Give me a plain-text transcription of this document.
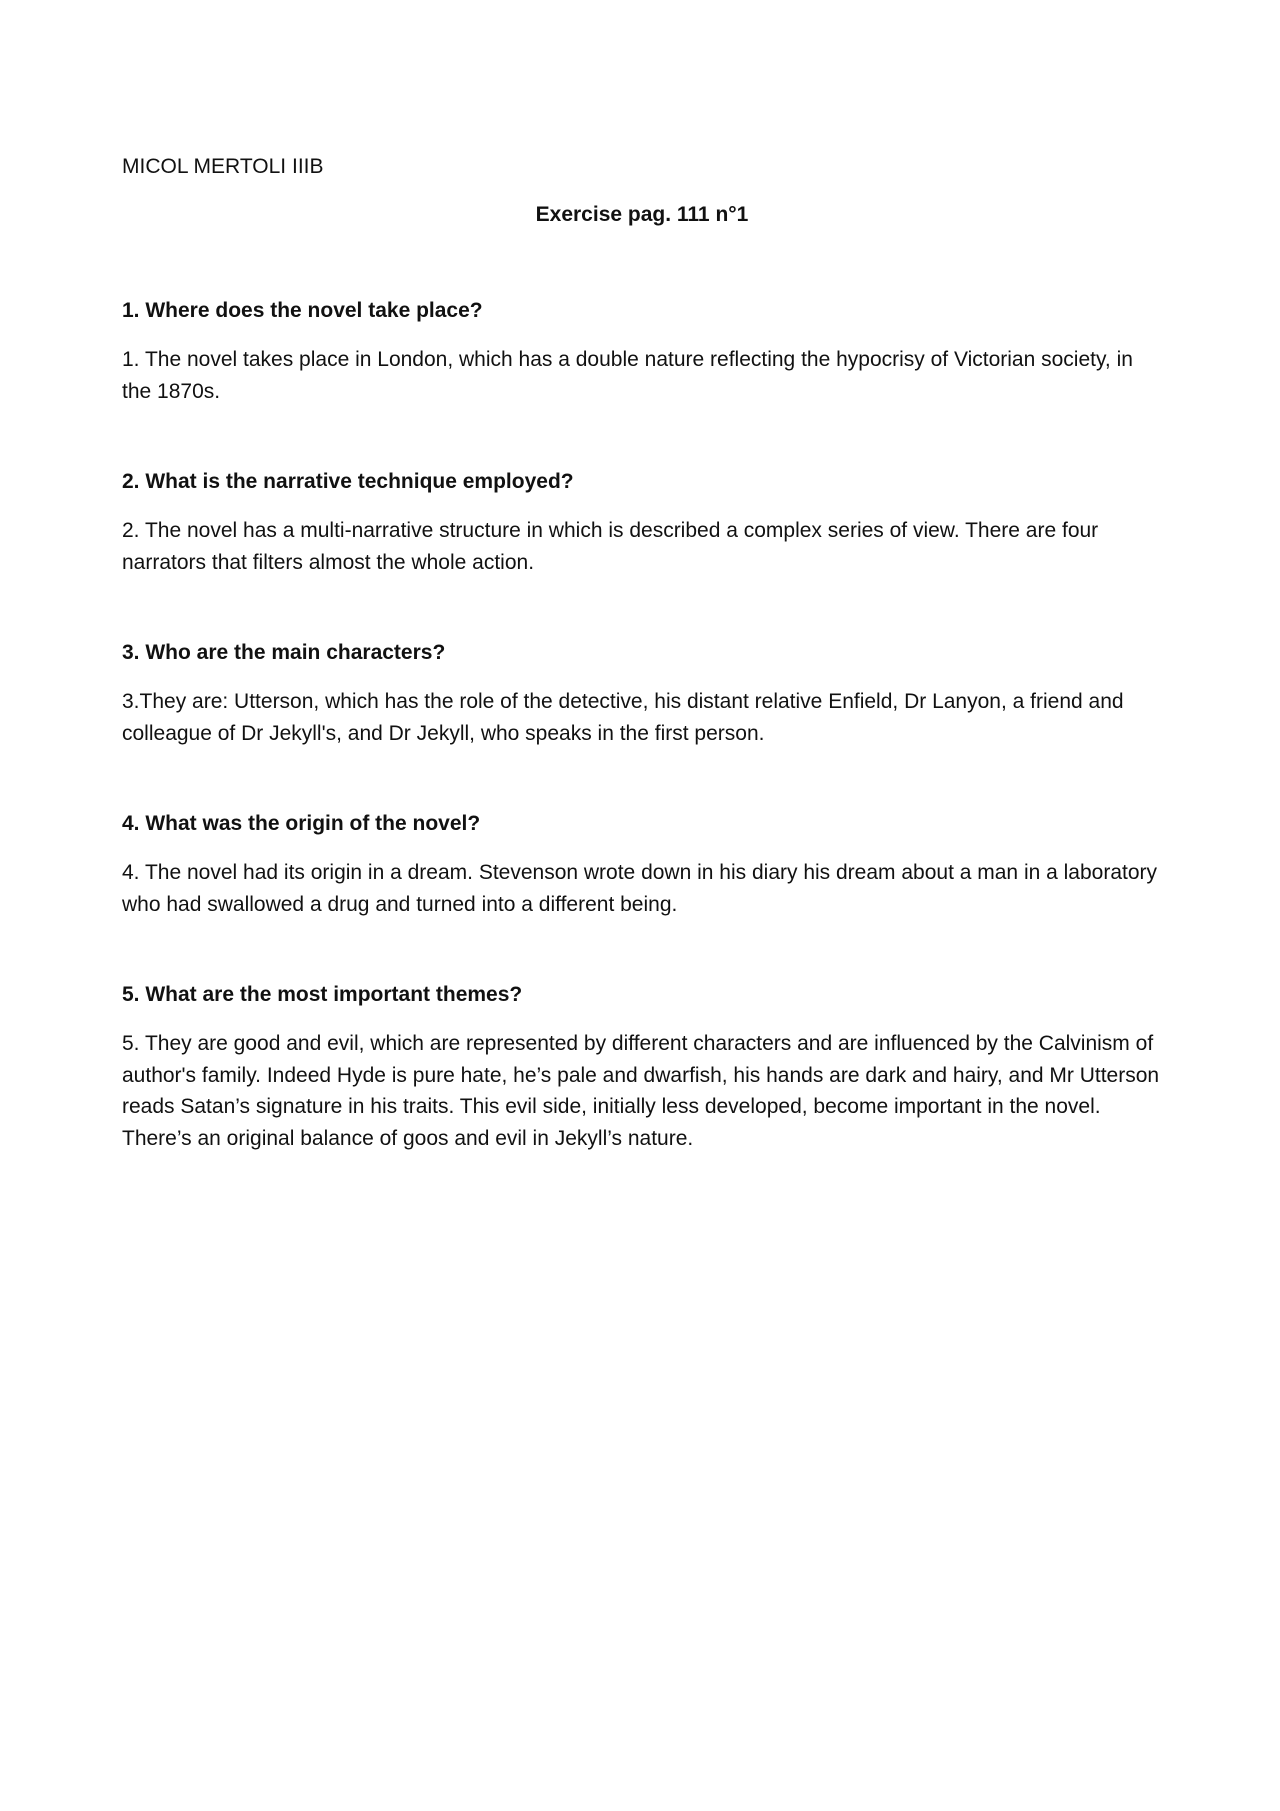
MICOL MERTOLI IIIB

Exercise pag. 111 n°1

1. Where does the novel take place?

1. The novel takes place in London, which has a double nature reflecting the hypocrisy of Victorian society, in the 1870s.

2. What is the narrative technique employed?

2. The novel has a multi-narrative structure in which is described a complex series of view. There are four narrators that filters almost the whole action.

3. Who are the main characters?

3.They are: Utterson, which has the role of the detective, his distant relative Enfield, Dr Lanyon, a friend and colleague of Dr Jekyll's, and Dr Jekyll, who speaks in the first person.

4. What was the origin of the novel?

4. The novel had its origin in a dream. Stevenson wrote down in his diary his dream about a man in a laboratory who had swallowed a drug and turned into a different being.

5. What are the most important themes?

5. They are good and evil, which are represented by different characters and are influenced by the Calvinism of author's family. Indeed Hyde is pure hate, he’s pale and dwarfish, his hands are dark and hairy, and Mr Utterson reads Satan’s signature in his traits. This evil side, initially less developed, become important in the novel. There’s an original balance of goos and evil in Jekyll’s nature.
